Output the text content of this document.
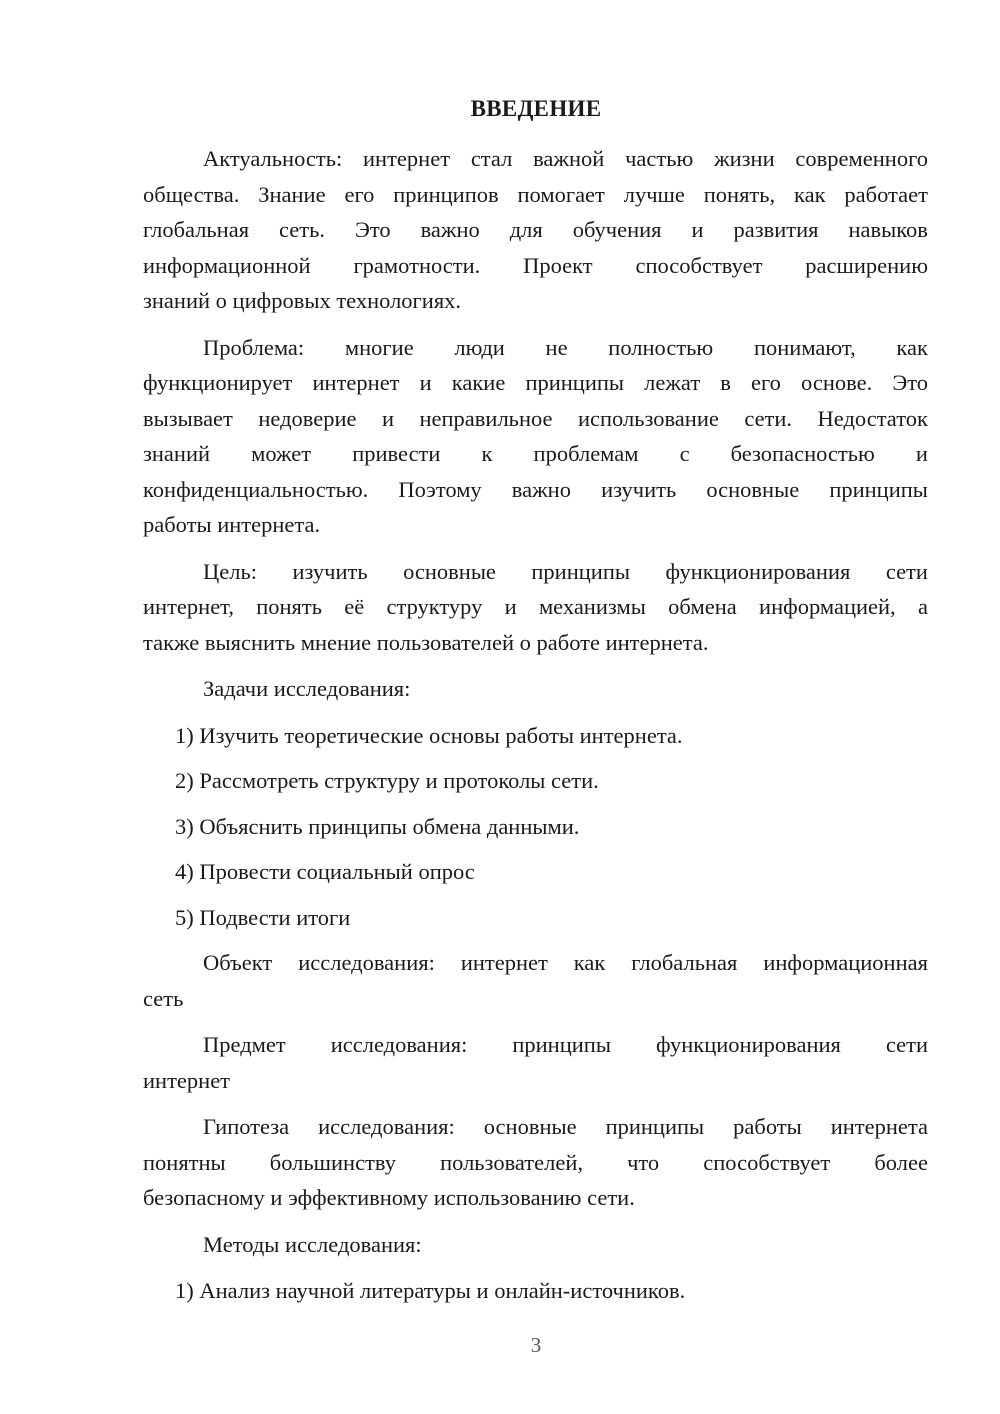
ВВЕДЕНИЕ
Актуальность: интернет стал важной частью жизни современного
общества. Знание его принципов помогает лучше понять, как работает
глобальная сеть. Это важно для обучения и развития навыков
информационной грамотности. Проект способствует расширению
знаний о цифровых технологиях.
Проблема: многие люди не полностью понимают, как
функционирует интернет и какие принципы лежат в его основе. Это
вызывает недоверие и неправильное использование сети. Недостаток
знаний может привести к проблемам с безопасностью и
конфиденциальностью. Поэтому важно изучить основные принципы
работы интернета.
Цель: изучить основные принципы функционирования сети
интернет, понять её структуру и механизмы обмена информацией, а
также выяснить мнение пользователей о работе интернета.
Задачи исследования:
1) Изучить теоретические основы работы интернета.
2) Рассмотреть структуру и протоколы сети.
3) Объяснить принципы обмена данными.
4) Провести социальный опрос
5) Подвести итоги
Объект исследования: интернет как глобальная информационная
сеть
Предмет исследования: принципы функционирования сети
интернет
Гипотеза исследования: основные принципы работы интернета
понятны большинству пользователей, что способствует более
безопасному и эффективному использованию сети.
Методы исследования:
1) Анализ научной литературы и онлайн-источников.
3
